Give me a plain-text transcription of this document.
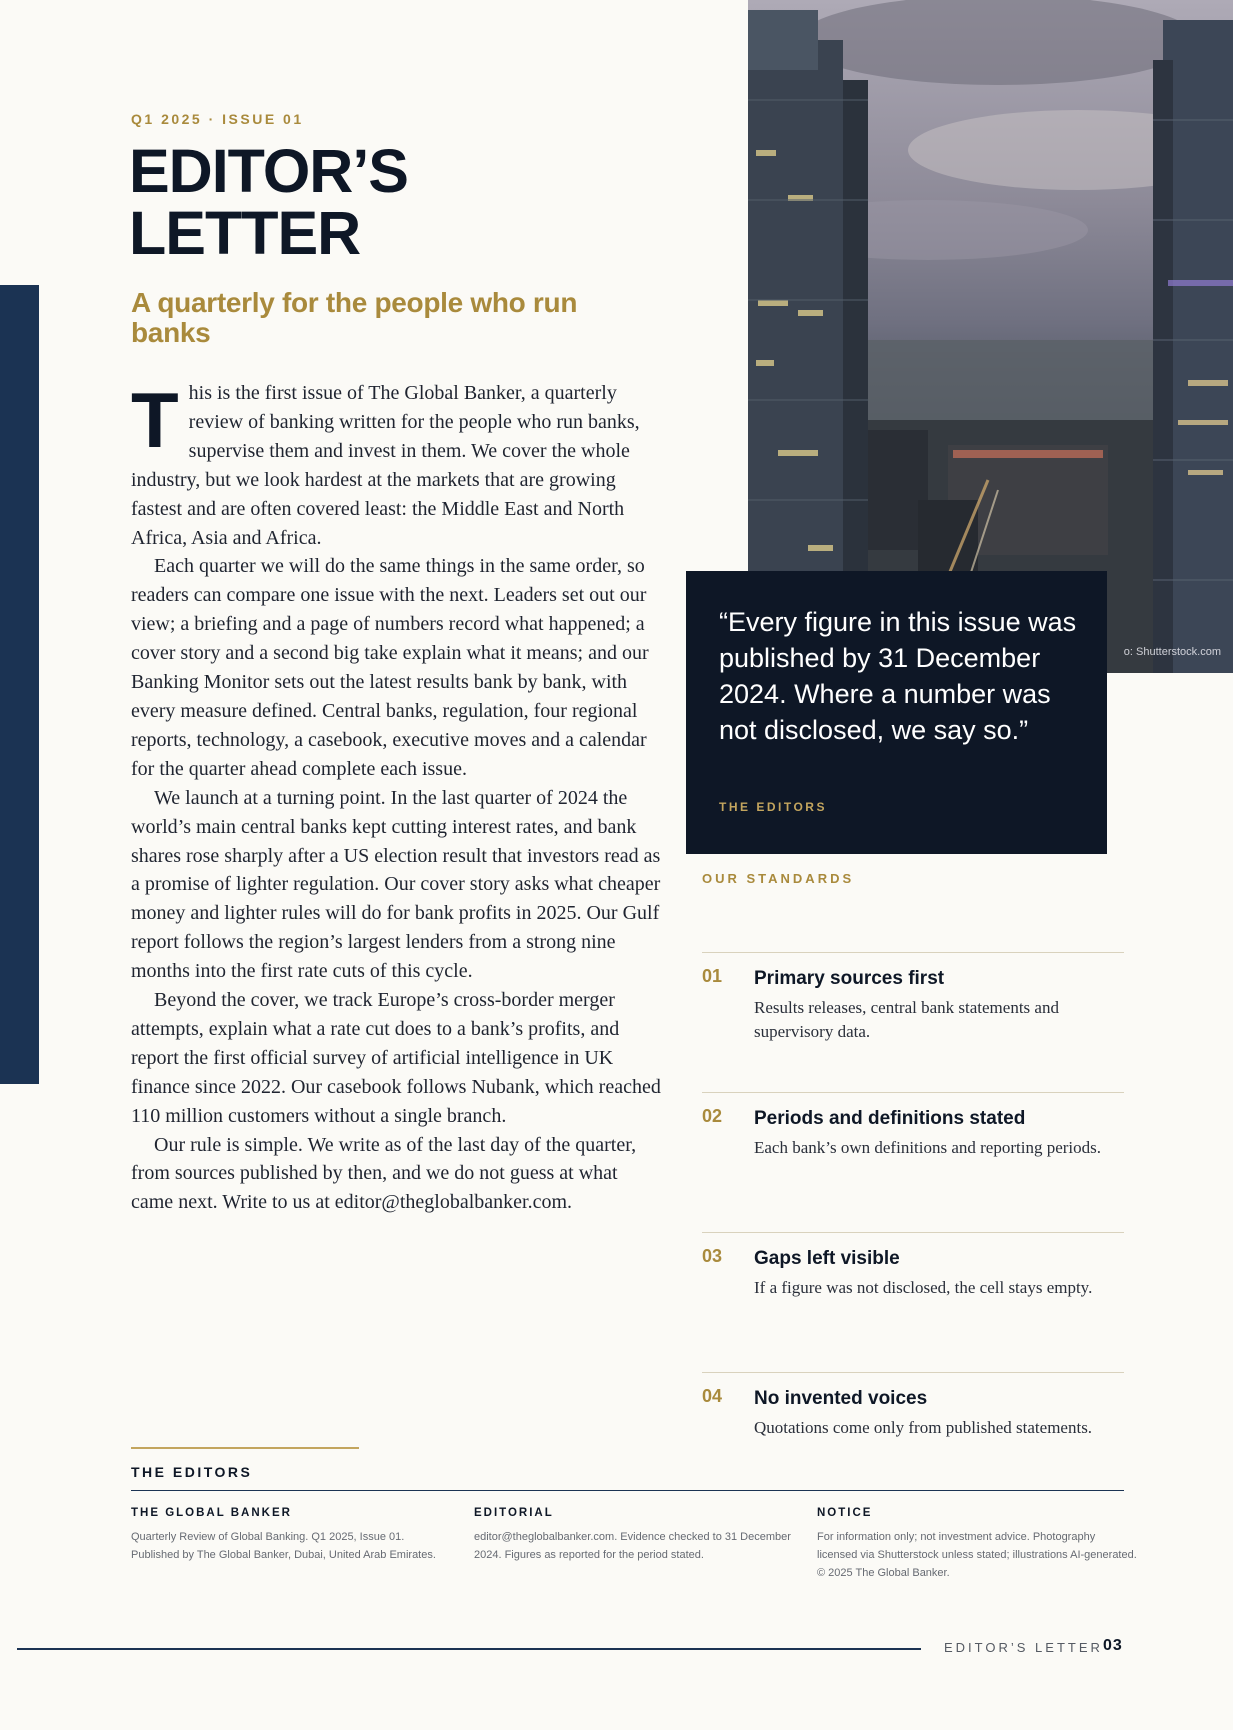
o: Shutterstock.com
Q1 2025 · ISSUE 01
EDITOR’S
LETTER
A quarterly for the people who run banks

This is the first issue of The Global Banker, a quarterly review of banking written for the people who run banks, supervise them and invest in them. We cover the whole industry, but we look hardest at the markets that are growing fastest and are often covered least: the Middle East and North Africa, Asia and Africa.

Each quarter we will do the same things in the same order, so readers can compare one issue with the next. Leaders set out our view; a briefing and a page of numbers record what happened; a cover story and a second big take explain what it means; and our Banking Monitor sets out the latest results bank by bank, with every measure defined. Central banks, regulation, four regional reports, technology, a casebook, executive moves and a calendar for the quarter ahead complete each issue.

We launch at a turning point. In the last quarter of 2024 the world’s main central banks kept cutting interest rates, and bank shares rose sharply after a US election result that investors read as a promise of lighter regulation. Our cover story asks what cheaper money and lighter rules will do for bank profits in 2025. Our Gulf report follows the region’s largest lenders from a strong nine months into the first rate cuts of this cycle.

Beyond the cover, we track Europe’s cross-border merger attempts, explain what a rate cut does to a bank’s profits, and report the first official survey of artificial intelligence in UK finance since 2022. Our casebook follows Nubank, which reached 110 million customers without a single branch.

Our rule is simple. We write as of the last day of the quarter, from sources published by then, and we do not guess at what came next. Write to us at editor@theglobalbanker.com.

THE EDITORS

“Every figure in this issue was published by 31 December 2024. Where a number was not disclosed, we say so.”

THE EDITORS
OUR STANDARDS
01 Primary sources first
Results releases, central bank statements and supervisory data.
02 Periods and definitions stated
Each bank’s own definitions and reporting periods.
03 Gaps left visible
If a figure was not disclosed, the cell stays empty.
04 No invented voices
Quotations come only from published statements.
THE GLOBAL BANKER
Quarterly Review of Global Banking. Q1 2025, Issue 01. Published by The Global Banker, Dubai, United Arab Emirates.
EDITORIAL
editor@theglobalbanker.com. Evidence checked to 31 December 2024. Figures as reported for the period stated.
NOTICE
For information only; not investment advice. Photography licensed via Shutterstock unless stated; illustrations AI-generated. © 2025 The Global Banker.
EDITOR’S LETTER 03
